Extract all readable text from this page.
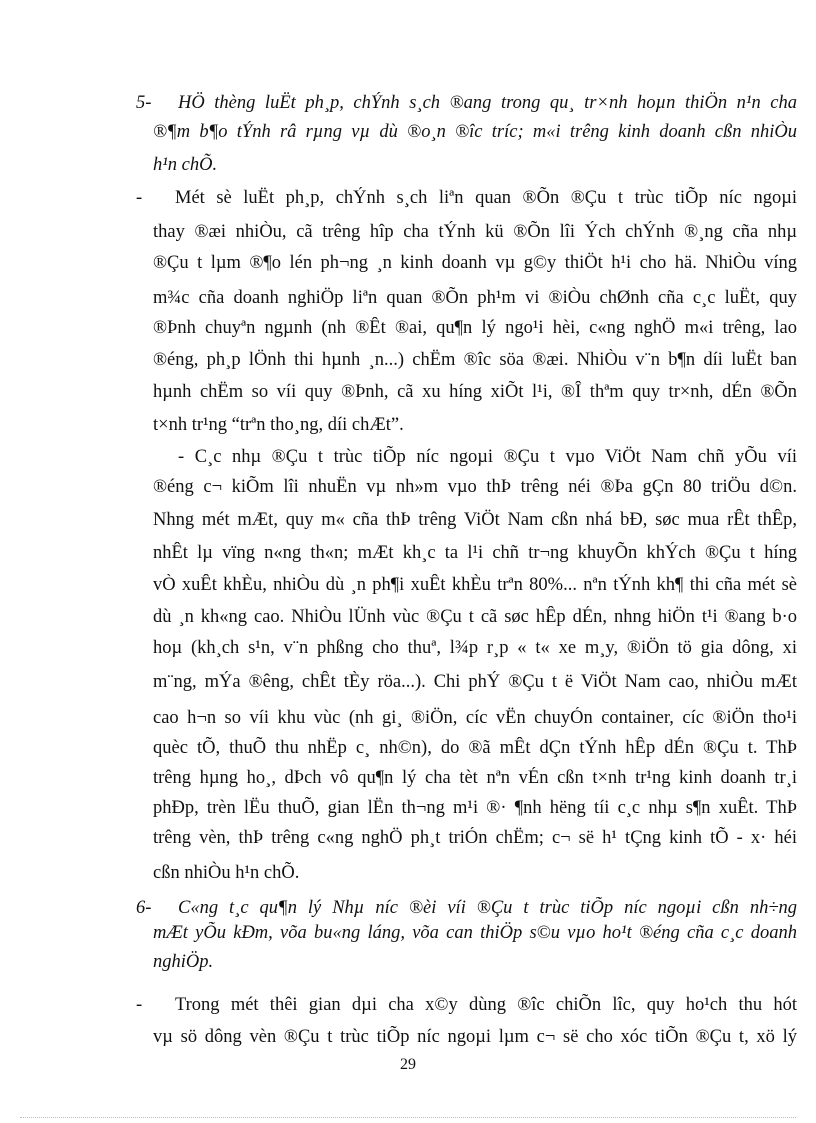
5- HÖ thèng luËt ph¸p, chÝnh s¸ch ®ang trong qu¸ tr×nh hoµn thiÖn n¹n cha
®¶m b¶o tÝnh râ rµng vµ dù ®o¸n ®îc tríc; m«i trêng kinh doanh cßn nhiÒu
h¹n chÕ.
- Mét sè luËt ph¸p, chÝnh s¸ch liªn quan ®Õn ®Çu t trùc tiÕp níc ngoµi
thay ®æi nhiÒu, cã trêng hîp cha tÝnh kü ®Õn lîi Ých chÝnh ®¸ng cña nhµ
®Çu t lµm ®¶o lén ph¬ng ¸n kinh doanh vµ g©y thiÖt h¹i cho hä. NhiÒu víng
m¾c cña doanh nghiÖp liªn quan ®Õn ph¹m vi ®iÒu chØnh cña c¸c luËt, quy
®Þnh chuyªn ngµnh (nh ®Êt ®ai, qu¶n lý ngo¹i hèi, c«ng nghÖ m«i trêng, lao
®éng, ph¸p lÖnh thi hµnh ¸n...) chËm ®îc söa ®æi. NhiÒu v¨n b¶n díi luËt ban
hµnh chËm so víi quy ®Þnh, cã xu híng xiÕt l¹i, ®Î thªm quy tr×nh, dÉn ®Õn
t×nh tr¹ng “trªn tho¸ng, díi chÆt”.
- C¸c nhµ ®Çu t trùc tiÕp níc ngoµi ®Çu t vµo ViÖt Nam chñ yÕu víi
®éng c¬ kiÕm lîi nhuËn vµ nh»m vµo thÞ trêng néi ®Þa gÇn 80 triÖu d©n.
Nhng mét mÆt, quy m« cña thÞ trêng ViÖt Nam cßn nhá bÐ, søc mua rÊt thÊp,
nhÊt lµ vïng n«ng th«n; mÆt kh¸c ta l¹i chñ tr¬ng khuyÕn khÝch ®Çu t híng
vÒ xuÊt khÈu, nhiÒu dù ¸n ph¶i xuÊt khÈu trªn 80%... nªn tÝnh kh¶ thi cña mét sè
dù ¸n kh«ng cao. NhiÒu lÜnh vùc ®Çu t cã søc hÊp dÉn, nhng hiÖn t¹i ®ang b·o
hoµ (kh¸ch s¹n, v¨n phßng cho thuª, l¾p r¸p « t« xe m¸y, ®iÖn tö gia dông, xi
m¨ng, mÝa ®êng, chÊt tÈy röa...). Chi phÝ ®Çu t ë ViÖt Nam cao, nhiÒu mÆt
cao h¬n so víi khu vùc (nh gi¸ ®iÖn, cíc vËn chuyÓn container, cíc ®iÖn tho¹i
quèc tÕ, thuÕ thu nhËp c¸ nh©n), do ®ã mÊt dÇn tÝnh hÊp dÉn ®Çu t. ThÞ
trêng hµng ho¸, dÞch vô qu¶n lý cha tèt nªn vÉn cßn t×nh tr¹ng kinh doanh tr¸i
phÐp, trèn lËu thuÕ, gian lËn th¬ng m¹i ®· ¶nh hëng tíi c¸c nhµ s¶n xuÊt. ThÞ
trêng vèn, thÞ trêng c«ng nghÖ ph¸t triÓn chËm; c¬ së h¹ tÇng kinh tÕ - x· héi
cßn nhiÒu h¹n chÕ.
6- C«ng t¸c qu¶n lý Nhµ níc ®èi víi ®Çu t trùc tiÕp níc ngoµi cßn nh÷ng
mÆt yÕu kÐm, võa bu«ng láng, võa can thiÖp s©u vµo ho¹t ®éng cña c¸c doanh
nghiÖp.
- Trong mét thêi gian dµi cha x©y dùng ®îc chiÕn lîc, quy ho¹ch thu hót
vµ sö dông vèn ®Çu t trùc tiÕp níc ngoµi lµm c¬ së cho xóc tiÕn ®Çu t, xö lý
29
